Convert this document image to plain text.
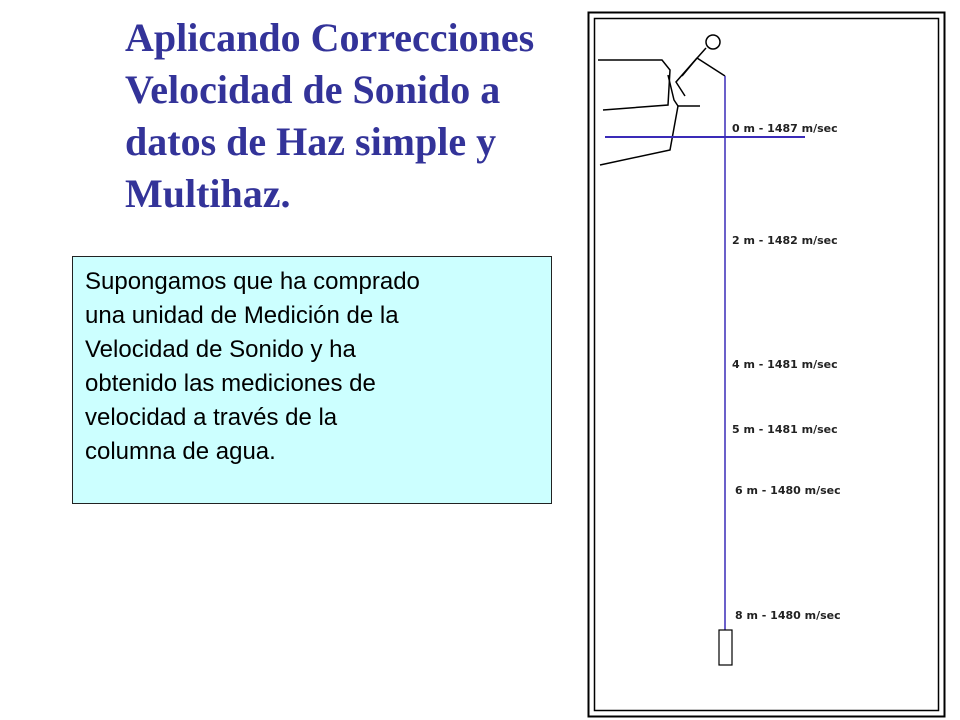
Aplicando Correcciones
Velocidad de Sonido a
datos de Haz simple y
Multihaz.
Supongamos que ha comprado
una unidad de Medición de la
Velocidad de Sonido y ha
obtenido las mediciones de
velocidad a través de la
columna de agua.
0 m - 1487 m/sec
2 m - 1482 m/sec
4 m - 1481 m/sec
5 m - 1481 m/sec
6 m - 1480 m/sec
8 m - 1480 m/sec
